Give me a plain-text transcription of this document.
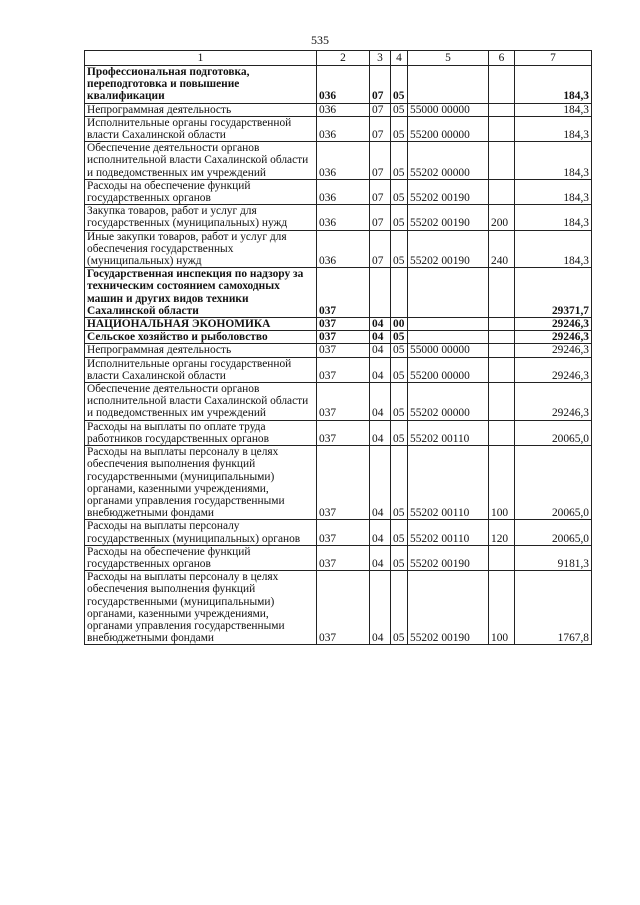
535
1	2	3	4	5	6	7
Профессиональная подготовка, переподготовка и повышение квалификации	036	07	05			184,3
Непрограммная деятельность	036	07	05	55000 00000		184,3
Исполнительные органы государственной власти Сахалинской области	036	07	05	55200 00000		184,3
Обеспечение деятельности органов исполнительной власти Сахалинской области и подведомственных им учреждений	036	07	05	55202 00000		184,3
Расходы на обеспечение функций государственных органов	036	07	05	55202 00190		184,3
Закупка товаров, работ и услуг для государственных (муниципальных) нужд	036	07	05	55202 00190	200	184,3
Иные закупки товаров, работ и услуг для обеспечения государственных (муниципальных) нужд	036	07	05	55202 00190	240	184,3
Государственная инспекция по надзору за техническим состоянием самоходных машин и других видов техники Сахалинской области	037					29371,7
НАЦИОНАЛЬНАЯ ЭКОНОМИКА	037	04	00			29246,3
Сельское хозяйство и рыболовство	037	04	05			29246,3
Непрограммная деятельность	037	04	05	55000 00000		29246,3
Исполнительные органы государственной власти Сахалинской области	037	04	05	55200 00000		29246,3
Обеспечение деятельности органов исполнительной власти Сахалинской области и подведомственных им учреждений	037	04	05	55202 00000		29246,3
Расходы на выплаты по оплате труда работников государственных органов	037	04	05	55202 00110		20065,0
Расходы на выплаты персоналу в целях обеспечения выполнения функций государственными (муниципальными) органами, казенными учреждениями, органами управления государственными внебюджетными фондами	037	04	05	55202 00110	100	20065,0
Расходы на выплаты персоналу государственных (муниципальных) органов	037	04	05	55202 00110	120	20065,0
Расходы на обеспечение функций государственных органов	037	04	05	55202 00190		9181,3
Расходы на выплаты персоналу в целях обеспечения выполнения функций государственными (муниципальными) органами, казенными учреждениями, органами управления государственными внебюджетными фондами	037	04	05	55202 00190	100	1767,8
